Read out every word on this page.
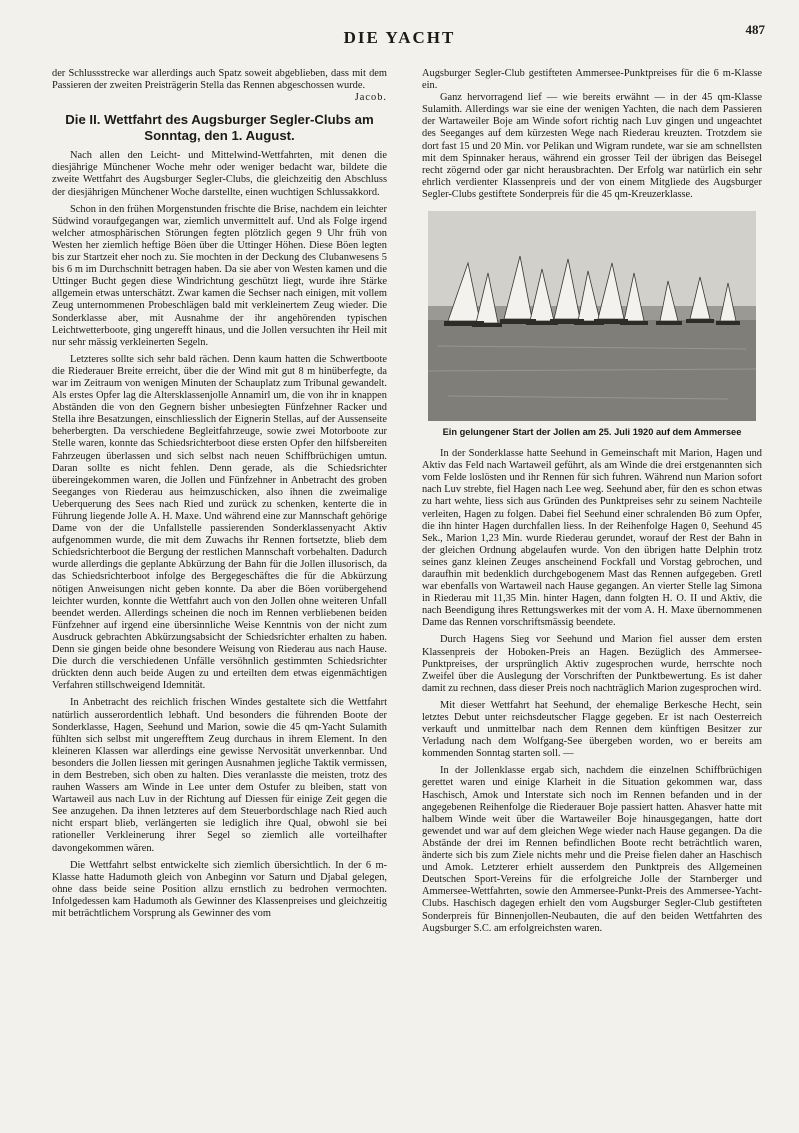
DIE YACHT	487

der Schlussstrecke war allerdings auch Spatz soweit abgeblieben, dass mit dem Passieren der zweiten Preisträgerin Stella das Rennen abgeschossen wurde.
Jacob.

Die II. Wettfahrt des Augsburger Segler-Clubs am Sonntag, den 1. August.

Nach allen den Leicht- und Mittelwind-Wettfahrten, mit denen die diesjährige Münchener Woche mehr oder weniger bedacht war, bildete die zweite Wettfahrt des Augsburger Segler-Clubs, die gleichzeitig den Abschluss der diesjährigen Münchener Woche darstellte, einen wuchtigen Schlussakkord.

Schon in den frühen Morgenstunden frischte die Brise, nachdem ein leichter Südwind voraufgegangen war, ziemlich unvermittelt auf. Und als Folge irgend welcher atmosphärischen Störungen fegten plötzlich gegen 9 Uhr früh von Westen her ziemlich heftige Böen über die Uttinger Höhen. Diese Böen legten bis zur Startzeit eher noch zu. Sie mochten in der Deckung des Clubanwesens 5 bis 6 m im Durchschnitt betragen haben. Da sie aber von Westen kamen und die Uttinger Bucht gegen diese Windrichtung geschützt liegt, wurde ihre Stärke allgemein etwas unterschätzt. Zwar kamen die Sechser nach einigen, mit vollem Zeug unternommenen Probeschlägen bald mit verkleinertem Zeug wieder. Die Sonderklasse aber, mit Ausnahme der ihr angehörenden typischen Leichtwetterboote, ging ungerefft hinaus, und die Jollen versuchten ihr Heil mit nur sehr mässig verkleinerten Segeln.

Letzteres sollte sich sehr bald rächen. Denn kaum hatten die Schwertboote die Riederauer Breite erreicht, über die der Wind mit gut 8 m hinüberfegte, da war im Zeitraum von wenigen Minuten der Schauplatz zum Tribunal gewandelt. Als erstes Opfer lag die Altersklassenjolle Annamirl um, die von ihr in knappen Abständen die von den Gegnern bisher unbesiegten Fünfzehner Racker und Stella ihre Besatzungen, einschliesslich der Eignerin Stellas, auf der Aussenseite beherbergten. Da verschiedene Begleitfahrzeuge, sowie zwei Motorboote zur Stelle waren, konnte das Schiedsrichterboot diese ersten Opfer den hilfsbereiten Fahrzeugen überlassen und sich selbst nach neuen Schiffbrüchigen umtun. Daran sollte es nicht fehlen. Denn gerade, als die Schiedsrichter übereingekommen waren, die Jollen und Fünfzehner in Anbetracht des groben Seeganges von Riederau aus heimzuschicken, also ihnen die zweimalige Ueberquerung des Sees nach Ried und zurück zu schenken, kenterte die in Führung liegende Jolle A. H. Maxe. Und während eine zur Mannschaft gehörige Dame von der die Unfallstelle passierenden Sonderklassenyacht Aktiv aufgenommen wurde, die mit dem Zuwachs ihr Rennen fortsetzte, blieb dem Schiedsrichterboot die Bergung der restlichen Mannschaft vorbehalten. Dadurch wurde allerdings die geplante Abkürzung der Bahn für die Jollen illusorisch, da das Schiedsrichterboot infolge des Bergegeschäftes die für die Abkürzung nötigen Anweisungen nicht geben konnte. Da aber die Böen vorübergehend leichter wurden, konnte die Wettfahrt auch von den Jollen ohne weiteren Unfall beendet werden. Allerdings scheinen die noch im Rennen verbliebenen beiden Fünfzehner auf irgend eine übersinnliche Weise Kenntnis von der nicht zum Ausdruck gebrachten Abkürzungsabsicht der Schiedsrichter erhalten zu haben. Denn sie gingen beide ohne besondere Weisung von Riederau aus nach Hause. Die durch die verschiedenen Unfälle versöhnlich gestimmten Schiedsrichter drückten denn auch beide Augen zu und erteilten dem etwas eigenmächtigen Verfahren stillschweigend Idemnität.

In Anbetracht des reichlich frischen Windes gestaltete sich die Wettfahrt natürlich ausserordentlich lebhaft. Und besonders die führenden Boote der Sonderklasse, Hagen, Seehund und Marion, sowie die 45 qm-Yacht Sulamith fühlten sich selbst mit ungerefftem Zeug durchaus in ihrem Element. In den kleineren Klassen war allerdings eine gewisse Nervosität unverkennbar. Und besonders die Jollen liessen mit geringen Ausnahmen jegliche Taktik vermissen, in dem Bestreben, sich oben zu halten. Dies veranlasste die meisten, trotz des rauhen Wassers am Winde in Lee unter dem Ostufer zu bleiben, statt von Wartaweil aus nach Luv in der Richtung auf Diessen für einige Zeit gegen die See anzugehen. Da ihnen letzteres auf dem Steuerbordschlage nach Ried auch nicht erspart blieb, verlängerten sie lediglich ihre Qual, obwohl sie bei rationeller Verkleinerung ihrer Segel so ziemlich alle vorteilhafter davongekommen wären.

Die Wettfahrt selbst entwickelte sich ziemlich übersichtlich. In der 6 m-Klasse hatte Hadumoth gleich von Anbeginn vor Saturn und Djabal gelegen, ohne dass beide seine Position allzu ernstlich zu bedrohen vermochten. Infolgedessen kam Hadumoth als Gewinner des Klassenpreises und gleichzeitig mit beträchtlichem Vorsprung als Gewinner des vom

Augsburger Segler-Club gestifteten Ammersee-Punktpreises für die 6 m-Klasse ein.

Ganz hervorragend lief — wie bereits erwähnt — in der 45 qm-Klasse Sulamith. Allerdings war sie eine der wenigen Yachten, die nach dem Passieren der Wartaweiler Boje am Winde sofort richtig nach Luv gingen und ungeachtet des Seeganges auf dem kürzesten Wege nach Riederau kreuzten. Trotzdem sie dort fast 15 und 20 Min. vor Pelikan und Wigram rundete, war sie am schnellsten mit dem Spinnaker heraus, während ein grosser Teil der übrigen das Beisegel recht zögernd oder gar nicht herausbrachten. Der Erfolg war natürlich ein sehr ehrlich verdienter Klassenpreis und der von einem Mitgliede des Augsburger Segler-Clubs gestiftete Sonderpreis für die 45 qm-Kreuzerklasse.

Ein gelungener Start der Jollen am 25. Juli 1920 auf dem Ammersee

In der Sonderklasse hatte Seehund in Gemeinschaft mit Marion, Hagen und Aktiv das Feld nach Wartaweil geführt, als am Winde die drei erstgenannten sich vom Felde loslösten und ihr Rennen für sich fuhren. Während nun Marion sofort nach Luv strebte, fiel Hagen nach Lee weg. Seehund aber, für den es schon etwas zu hart wehte, liess sich aus Gründen des Punktpreises sehr zu seinem Nachteile verleiten, Hagen zu folgen. Dabei fiel Seehund einer schralenden Bö zum Opfer, die ihn hinter Hagen durchfallen liess. In der Reihenfolge Hagen 0, Seehund 45 Sek., Marion 1,23 Min. wurde Riederau gerundet, worauf der Rest der Bahn in der gleichen Ordnung abgelaufen wurde. Von den übrigen hatte Delphin trotz seines ganz kleinen Zeuges anscheinend Fockfall und Vorstag gebrochen, und daraufhin mit bedenklich durchgebogenem Mast das Rennen aufgegeben. Gretl war ebenfalls von Wartaweil nach Hause gegangen. An vierter Stelle lag Simona in Riederau mit 11,35 Min. hinter Hagen, dann folgten H. O. II und Aktiv, die nach Beendigung ihres Rettungswerkes mit der vom A. H. Maxe übernommenen Dame das Rennen vorschriftsmässig beendete.

Durch Hagens Sieg vor Seehund und Marion fiel ausser dem ersten Klassenpreis der Hoboken-Preis an Hagen. Bezüglich des Ammersee-Punktpreises, der ursprünglich Aktiv zugesprochen wurde, herrschte noch Zweifel über die Auslegung der Vorschriften der Punktbewertung. Es ist daher damit zu rechnen, dass dieser Preis noch nachträglich Marion zugesprochen wird.

Mit dieser Wettfahrt hat Seehund, der ehemalige Berkesche Hecht, sein letztes Debut unter reichsdeutscher Flagge gegeben. Er ist nach Oesterreich verkauft und unmittelbar nach dem Rennen dem künftigen Besitzer zur Verladung nach dem Wolfgang-See übergeben worden, wo er bereits am kommenden Sonntag starten soll. —

In der Jollenklasse ergab sich, nachdem die einzelnen Schiffbrüchigen gerettet waren und einige Klarheit in die Situation gekommen war, dass Haschisch, Amok und Interstate sich noch im Rennen befanden und in der angegebenen Reihenfolge die Riederauer Boje passiert hatten. Ahasver hatte mit halbem Winde weit über die Wartaweiler Boje hinausgegangen, hatte dort gewendet und war auf dem gleichen Wege wieder nach Hause gegangen. Da die Abstände der drei im Rennen befindlichen Boote recht beträchtlich waren, änderte sich bis zum Ziele nichts mehr und die Preise fielen daher an Haschisch und Amok. Letzterer erhielt ausserdem den Punktpreis des Allgemeinen Deutschen Sport-Vereins für die erfolgreiche Jolle der Starnberger und Ammersee-Wettfahrten, sowie den Ammersee-Punkt-Preis des Ammersee-Yacht-Clubs. Haschisch dagegen erhielt den vom Augsburger Segler-Club gestifteten Sonderpreis für Binnenjollen-Neubauten, die auf den beiden Wettfahrten des Augsburger S.C. am erfolgreichsten waren.
